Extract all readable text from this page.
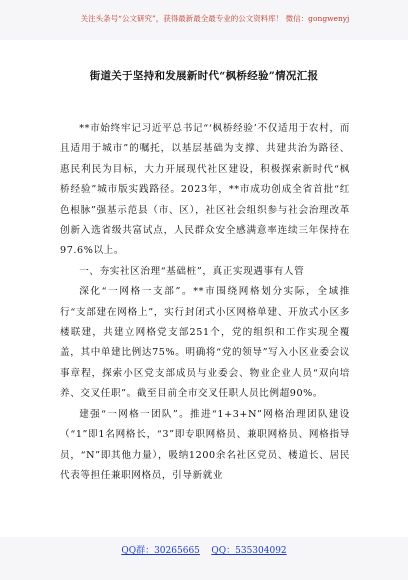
关注头条号“公文研究”，获得最新最全最专业的公文资料库！ 微信：gongwenyj
街道关于坚持和发展新时代“枫桥经验”情况汇报

**市始终牢记习近平总书记“‘枫桥经验’不仅适用于农村，而且适用于城市”的嘱托，以基层基础为支撑、共建共治为路径、惠民利民为目标，大力开展现代社区建设，积极探索新时代“枫桥经验”城市版实践路径。2023年，**市成功创成全省首批“红色根脉”强基示范县（市、区），社区社会组织参与社会治理改革创新入选省级共富试点，人民群众安全感满意率连续三年保持在97.6%以上。

一、夯实社区治理“基础桩”，真正实现遇事有人管

深化“一网格一支部”。**市围绕网格划分实际，全域推行“支部建在网格上”，实行封闭式小区网格单建、开放式小区多楼联建，共建立网格党支部251个，党的组织和工作实现全覆盖，其中单建比例达75%。明确将“党的领导”写入小区业委会议事章程，探索小区党支部成员与业委会、物业企业人员“双向培养、交叉任职”。截至目前全市交叉任职人员比例超90%。

建强“一网格一团队”。推进“1+3+N”网格治理团队建设（“1”即1名网格长，“3”即专职网格员、兼职网格员、网格指导员，“N”即其他力量），吸纳1200余名社区党员、楼道长、居民代表等担任兼职网格员，引导新就业

QQ群：30265665 QQ：535304092
